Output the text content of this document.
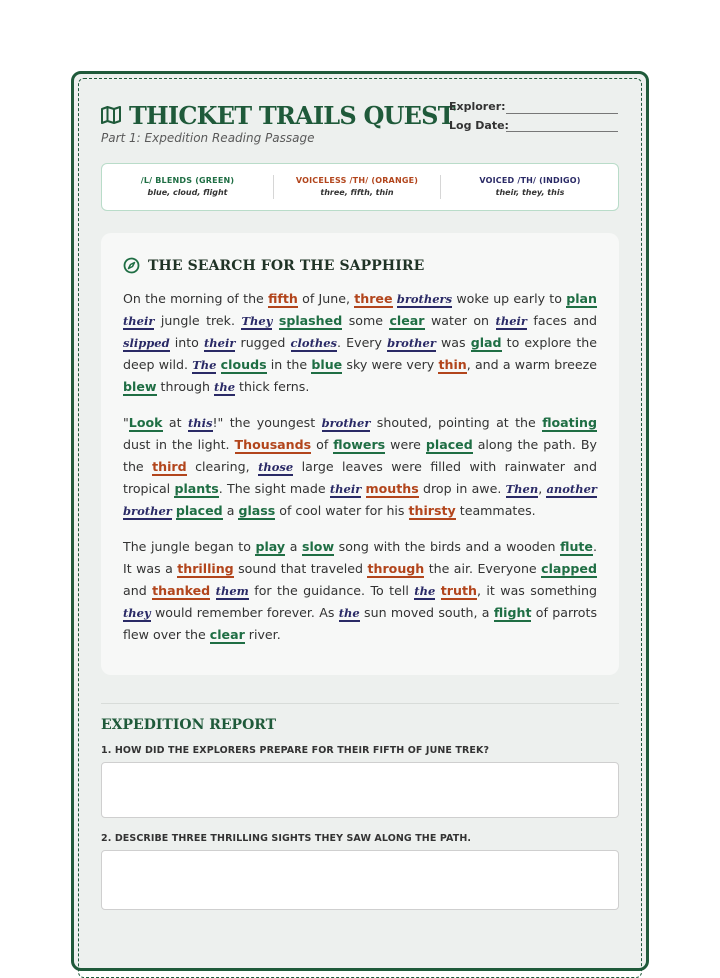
THICKET TRAILS QUEST
Part 1: Expedition Reading Passage
Explorer:
Log Date:
/L/ BLENDS (GREEN)
blue, cloud, flight
VOICELESS /TH/ (ORANGE)
three, fifth, thin
VOICED /TH/ (INDIGO)
their, they, this
THE SEARCH FOR THE SAPPHIRE

On the morning of the fifth of June, three brothers woke up early to plan their jungle trek. They splashed some clear water on their faces and slipped into their rugged clothes. Every brother was glad to explore the deep wild. The clouds in the blue sky were very thin, and a warm breeze blew through the thick ferns.

"Look at this!" the youngest brother shouted, pointing at the floating dust in the light. Thousands of flowers were placed along the path. By the third clearing, those large leaves were filled with rainwater and tropical plants. The sight made their mouths drop in awe. Then, another brother placed a glass of cool water for his thirsty teammates.

The jungle began to play a slow song with the birds and a wooden flute. It was a thrilling sound that traveled through the air. Everyone clapped and thanked them for the guidance. To tell the truth, it was something they would remember forever. As the sun moved south, a flight of parrots flew over the clear river.

EXPEDITION REPORT
1. HOW DID THE EXPLORERS PREPARE FOR THEIR FIFTH OF JUNE TREK?
2. DESCRIBE THREE THRILLING SIGHTS THEY SAW ALONG THE PATH.
